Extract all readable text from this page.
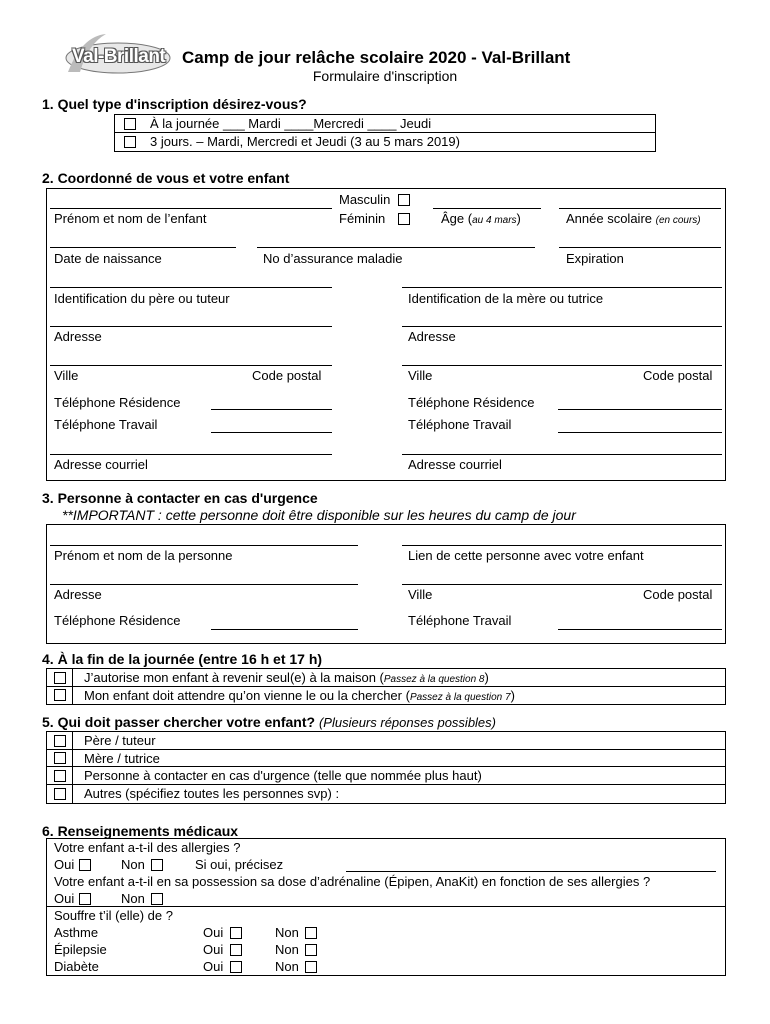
Val-Brillant Camp de jour relâche scolaire 2020 - Val-Brillant
Formulaire d'inscription
1. Quel type d'inscription désirez-vous?
À la journée ___ Mardi ____Mercredi ____ Jeudi
3 jours. – Mardi, Mercredi et Jeudi (3 au 5 mars 2019)
2. Coordonné de vous et votre enfant
Masculin
Féminin
Prénom et nom de l’enfant	Âge (au 4 mars)	Année scolaire (en cours)
Date de naissance	No d’assurance maladie	Expiration
Identification du père ou tuteur	Identification de la mère ou tutrice
Adresse	Adresse
Ville	Code postal	Ville	Code postal
Téléphone Résidence	Téléphone Résidence
Téléphone Travail	Téléphone Travail
Adresse courriel	Adresse courriel
3. Personne à contacter en cas d'urgence
**IMPORTANT : cette personne doit être disponible sur les heures du camp de jour
Prénom et nom de la personne	Lien de cette personne avec votre enfant
Adresse	Ville	Code postal
Téléphone Résidence	Téléphone Travail
4. À la fin de la journée (entre 16 h et 17 h)
J’autorise mon enfant à revenir seul(e) à la maison (Passez à la question 8)
Mon enfant doit attendre qu’on vienne le ou la chercher (Passez à la question 7)
5. Qui doit passer chercher votre enfant? (Plusieurs réponses possibles)
Père / tuteur
Mère / tutrice
Personne à contacter en cas d'urgence (telle que nommée plus haut)
Autres (spécifiez toutes les personnes svp) :
6. Renseignements médicaux
Votre enfant a-t-il des allergies ?
Oui	Non	Si oui, précisez
Votre enfant a-t-il en sa possession sa dose d’adrénaline (Épipen, AnaKit) en fonction de ses allergies ?
Oui	Non
Souffre t’il (elle) de ?
Asthme	Oui	Non
Épilepsie	Oui	Non
Diabète	Oui	Non
